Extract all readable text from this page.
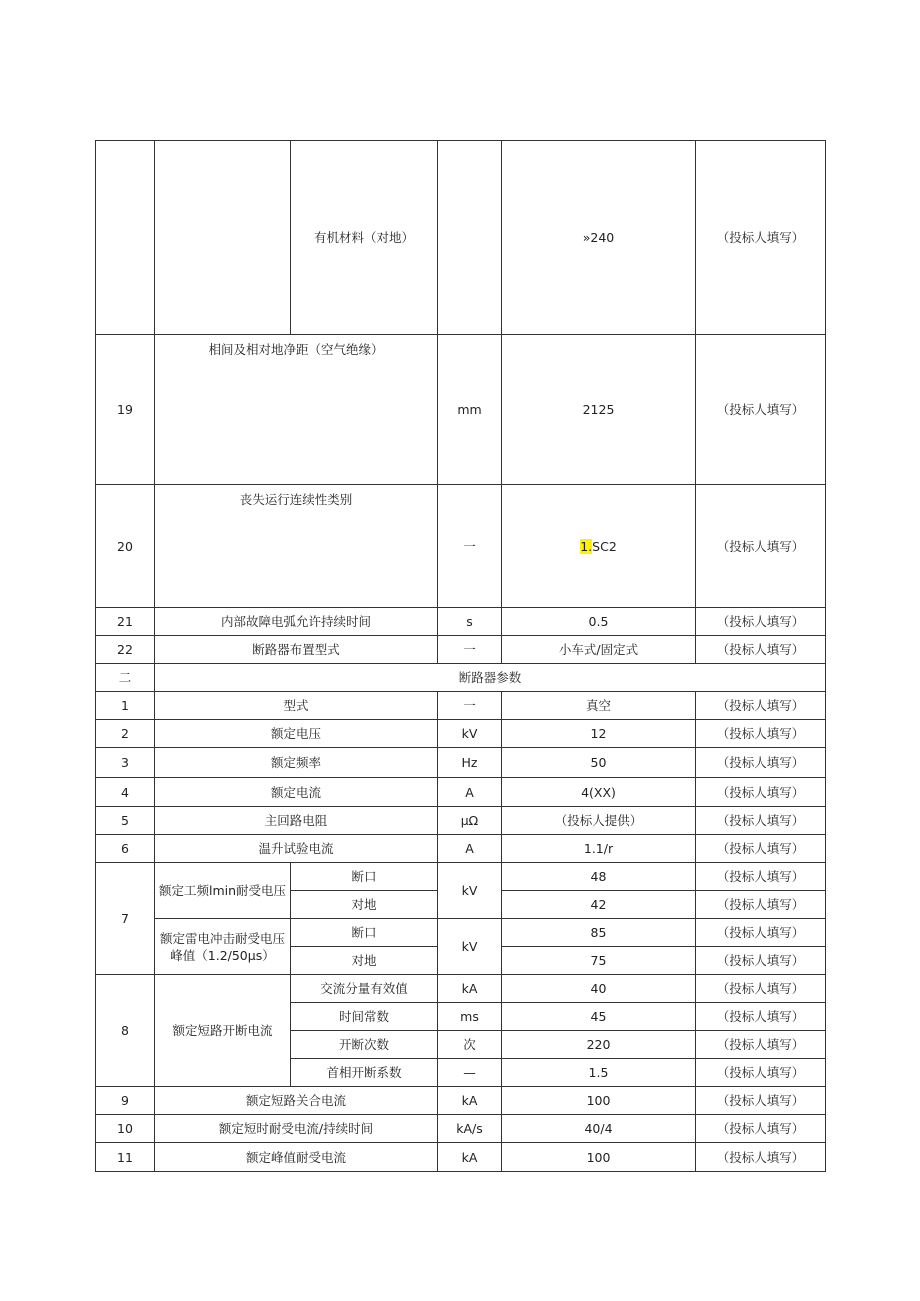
		有机材料（对地）		»240	（投标人填写）
19	相间及相对地净距（空气绝缘）		mm	2125	（投标人填写）
20	丧失运行连续性类别		一	1.SC2	（投标人填写）
21	内部故障电弧允许持续时间		s	0.5	（投标人填写）
22	断路器布置型式		一	小车式/固定式	（投标人填写）
二	断路器参数				
1	型式		一	真空	（投标人填写）
2	额定电压		kV	12	（投标人填写）
3	额定频率		Hz	50	（投标人填写）
4	额定电流		A	4(XX)	（投标人填写）
5	主回路电阻		μΩ	（投标人提供）	（投标人填写）
6	温升试验电流		A	1.1/r	（投标人填写）
7	额定工频lmin耐受电压	断口	kV	48	（投标人填写）
		对地		42	（投标人填写）
	额定雷电冲击耐受电压峰值（1.2/50μs）	断口	kV	85	（投标人填写）
		对地		75	（投标人填写）
8	额定短路开断电流	交流分量有效值	kA	40	（投标人填写）
		时间常数	ms	45	（投标人填写）
		开断次数	次	220	（投标人填写）
		首相开断系数	—	1.5	（投标人填写）
9	额定短路关合电流		kA	100	（投标人填写）
10	额定短时耐受电流/持续时间		kA/s	40/4	（投标人填写）
11	额定峰值耐受电流		kA	100	（投标人填写）
